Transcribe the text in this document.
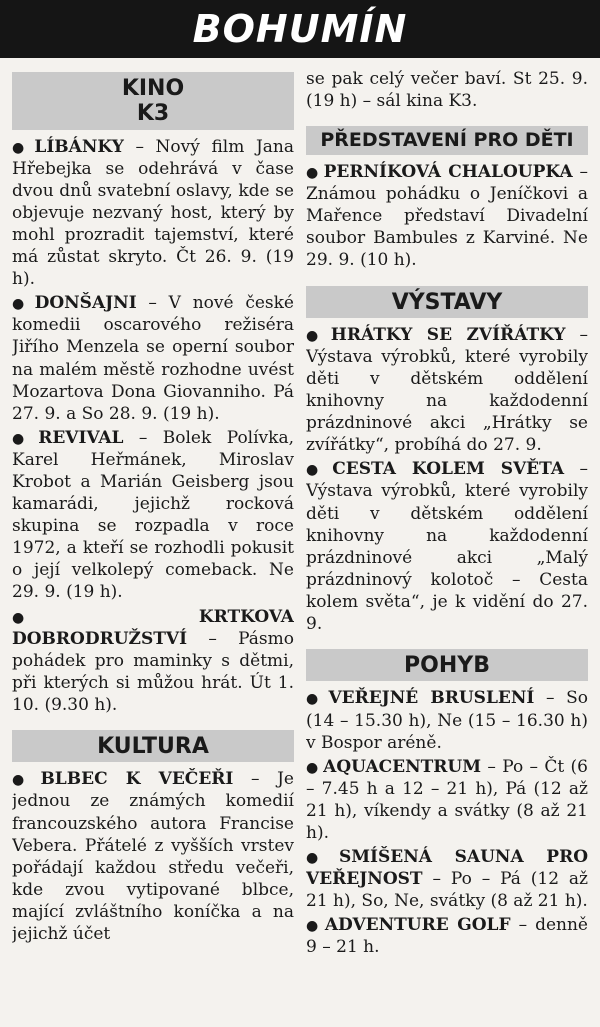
BOHUMÍN
KINO
K3

● LÍBÁNKY – Nový film Jana Hřebejka se odehrává v čase dvou dnů svatební oslavy, kde se objevuje nezvaný host, který by mohl prozradit tajemství, které má zůstat skryto. Čt 26. 9. (19 h).

● DONŠAJNI – V nové české komedii oscarového režiséra Jiřího Menzela se operní soubor na malém městě rozhodne uvést Mozartova Dona Giovanniho. Pá 27. 9. a So 28. 9. (19 h).

● REVIVAL – Bolek Polívka, Karel Heřmánek, Miroslav Krobot a Marián Geisberg jsou kamarádi, jejichž rocková skupina se rozpadla v roce 1972, a kteří se rozhodli pokusit o její velkolepý comeback. Ne 29. 9. (19 h).

● KRTKOVA DOBRODRUŽSTVÍ – Pásmo pohádek pro maminky s dětmi, při kterých si můžou hrát. Út 1. 10. (9.30 h).

KULTURA

● BLBEC K VEČEŘI – Je jednou ze známých komedií francouzského autora Francise Vebera. Přátelé z vyšších vrstev pořádají každou středu večeři, kde zvou vytipované blbce, mající zvláštního koníčka a na jejichž účet

se pak celý večer baví. St 25. 9. (19 h) – sál kina K3.

PŘEDSTAVENÍ PRO DĚTI

● PERNÍKOVÁ CHALOUPKA – Známou pohádku o Jeníčkovi a Mařence představí Divadelní soubor Bambules z Karviné. Ne 29. 9. (10 h).

VÝSTAVY

● HRÁTKY SE ZVÍŘÁTKY – Výstava výrobků, které vyrobily děti v dětském oddělení knihovny na každodenní prázdninové akci „Hrátky se zvířátky“, probíhá do 27. 9.

● CESTA KOLEM SVĚTA – Výstava výrobků, které vyrobily děti v dětském oddělení knihovny na každodenní prázdninové akci „Malý prázdninový kolotoč – Cesta kolem světa“, je k vidění do 27. 9.

POHYB

● VEŘEJNÉ BRUSLENÍ – So (14 – 15.30 h), Ne (15 – 16.30 h) v Bospor aréně.

● AQUACENTRUM – Po – Čt (6 – 7.45 h a 12 – 21 h), Pá (12 až 21 h), víkendy a svátky (8 až 21 h).

● SMÍŠENÁ SAUNA PRO VEŘEJNOST – Po – Pá (12 až 21 h), So, Ne, svátky (8 až 21 h).

● ADVENTURE GOLF – denně 9 – 21 h.
